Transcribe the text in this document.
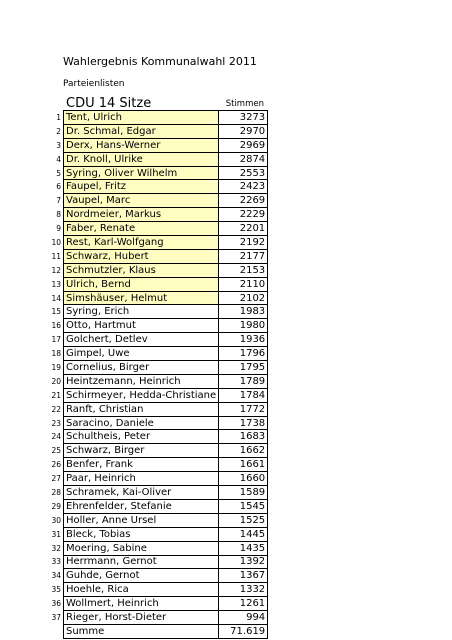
Wahlergebnis Kommunalwahl 2011
Parteienlisten
CDU 14 Sitze	Stimmen
1	Tent, Ulrich	3273
2	Dr. Schmal, Edgar	2970
3	Derx, Hans-Werner	2969
4	Dr. Knoll, Ulrike	2874
5	Syring, Oliver Wilhelm	2553
6	Faupel, Fritz	2423
7	Vaupel, Marc	2269
8	Nordmeier, Markus	2229
9	Faber, Renate	2201
10	Rest, Karl-Wolfgang	2192
11	Schwarz, Hubert	2177
12	Schmutzler, Klaus	2153
13	Ulrich, Bernd	2110
14	Simshäuser, Helmut	2102
15	Syring, Erich	1983
16	Otto, Hartmut	1980
17	Golchert, Detlev	1936
18	Gimpel, Uwe	1796
19	Cornelius, Birger	1795
20	Heintzemann, Heinrich	1789
21	Schirmeyer, Hedda-Christiane	1784
22	Ranft, Christian	1772
23	Saracino, Daniele	1738
24	Schultheis, Peter	1683
25	Schwarz, Birger	1662
26	Benfer, Frank	1661
27	Paar, Heinrich	1660
28	Schramek, Kai-Oliver	1589
29	Ehrenfelder, Stefanie	1545
30	Holler, Anne Ursel	1525
31	Bleck, Tobias	1445
32	Moering, Sabine	1435
33	Herrmann, Gernot	1392
34	Guhde, Gernot	1367
35	Hoehle, Rica	1332
36	Wollmert, Heinrich	1261
37	Rieger, Horst-Dieter	994
	Summe	71.619
